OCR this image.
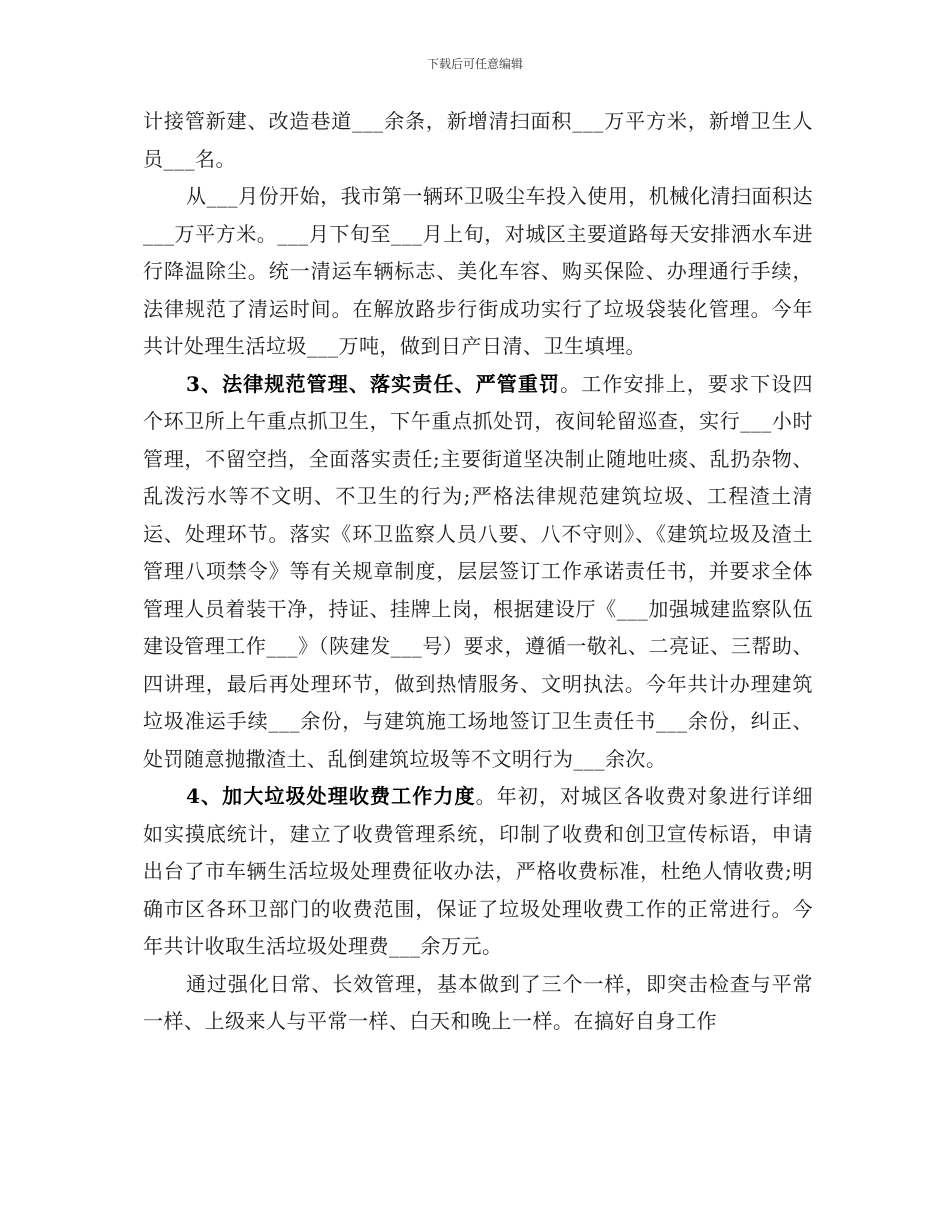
下载后可任意编辑

计接管新建、改造巷道___余条，新增清扫面积___万平方米，新增卫生人员___名。

从___月份开始，我市第一辆环卫吸尘车投入使用，机械化清扫面积达___万平方米。___月下旬至___月上旬，对城区主要道路每天安排洒水车进行降温除尘。统一清运车辆标志、美化车容、购买保险、办理通行手续，法律规范了清运时间。在解放路步行街成功实行了垃圾袋装化管理。今年共计处理生活垃圾___万吨，做到日产日清、卫生填埋。

3、法律规范管理、落实责任、严管重罚。工作安排上，要求下设四个环卫所上午重点抓卫生，下午重点抓处罚，夜间轮留巡查，实行___小时管理，不留空挡，全面落实责任;主要街道坚决制止随地吐痰、乱扔杂物、乱泼污水等不文明、不卫生的行为;严格法律规范建筑垃圾、工程渣土清运、处理环节。落实《环卫监察人员八要、八不守则》、《建筑垃圾及渣土管理八项禁令》等有关规章制度，层层签订工作承诺责任书，并要求全体管理人员着装干净，持证、挂牌上岗，根据建设厅《___加强城建监察队伍建设管理工作___》（陕建发___号）要求，遵循一敬礼、二亮证、三帮助、四讲理，最后再处理环节，做到热情服务、文明执法。今年共计办理建筑垃圾准运手续___余份，与建筑施工场地签订卫生责任书___余份，纠正、处罚随意抛撒渣土、乱倒建筑垃圾等不文明行为___余次。

4、加大垃圾处理收费工作力度。年初，对城区各收费对象进行详细如实摸底统计，建立了收费管理系统，印制了收费和创卫宣传标语，申请出台了市车辆生活垃圾处理费征收办法，严格收费标准，杜绝人情收费;明确市区各环卫部门的收费范围，保证了垃圾处理收费工作的正常进行。今年共计收取生活垃圾处理费___余万元。

通过强化日常、长效管理，基本做到了三个一样，即突击检查与平常一样、上级来人与平常一样、白天和晚上一样。在搞好自身工作
